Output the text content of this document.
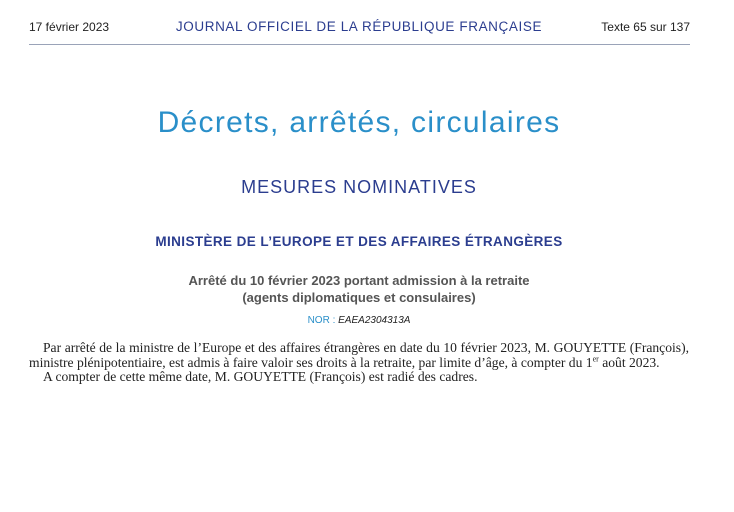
17 février 2023	JOURNAL OFFICIEL DE LA RÉPUBLIQUE FRANÇAISE	Texte 65 sur 137
Décrets, arrêtés, circulaires
MESURES NOMINATIVES
MINISTÈRE DE L’EUROPE ET DES AFFAIRES ÉTRANGÈRES
Arrêté du 10 février 2023 portant admission à la retraite
(agents diplomatiques et consulaires)
NOR : EAEA2304313A

Par arrêté de la ministre de l’Europe et des affaires étrangères en date du 10 février 2023, M. GOUYETTE (François), ministre plénipotentiaire, est admis à faire valoir ses droits à la retraite, par limite d’âge, à compter du 1er août 2023.

A compter de cette même date, M. GOUYETTE (François) est radié des cadres.
